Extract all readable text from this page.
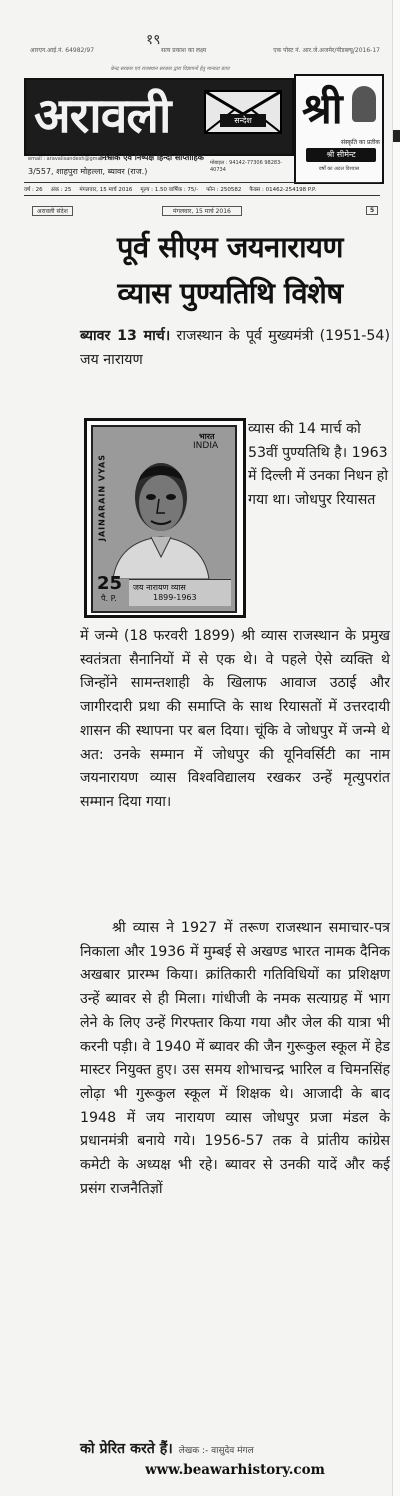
१९
आरएन.आई.नं. 64982/97	सत्य प्रकाश का लक्ष्य	एक पोस्ट नं. आर.जे.अजमेर/पीडब्ल्यू/2016-17
केन्द्र सरकार एवं राजस्थान सरकार द्वारा विज्ञापनों हेतु मान्यता प्राप्त
अरावली	सन्देश
email : aravalisandesh@gmail.com
निर्भीक एवं निष्पक्ष हिन्दी साप्ताहिक
3/557, शाहपुरा मोहल्ला, ब्यावर (राज.)
मोबाइल : 94142-77306 98283-40734
श्री
संस्कृति का प्रतीक
श्री सीमेन्ट
वर्षों का अटल विश्वास
वर्ष : 26 अंक : 25 मंगलवार, 15 मार्च 2016 मूल्य : 1.50 वार्षिक : 75/- फोन : 250582 फैक्स : 01462-254198 P.P.
अरावली संदेश	मंगलवार, 15 मार्च 2016	5
पूर्व सीएम जयनारायण
व्यास पुण्यतिथि विशेष
ब्यावर 13 मार्च। राजस्थान के पूर्व मुख्यमंत्री (1951-54) जय नारायण
JAINARAIN VYAS
भारत
INDIA
25
पै. P.
जय नारायण व्यास
1899-1963
व्यास की 14 मार्च को 53वीं पुण्यतिथि है। 1963 में दिल्ली में उनका निधन हो गया था। जोधपुर रियासत
में जन्मे (18 फरवरी 1899) श्री व्यास राजस्थान के प्रमुख स्वतंत्रता सैनानियों में से एक थे। वे पहले ऐसे व्यक्ति थे जिन्होंने सामन्तशाही के खिलाफ आवाज उठाई और जागीरदारी प्रथा की समाप्ति के साथ रियासतों में उत्तरदायी शासन की स्थापना पर बल दिया। चूंकि वे जोधपुर में जन्मे थे अत: उनके सम्मान में जोधपुर की यूनिवर्सिटी का नाम जयनारायण व्यास विश्वविद्यालय रखकर उन्हें मृत्युपरांत सम्मान दिया गया।
श्री व्यास ने 1927 में तरूण राजस्थान समाचार-पत्र निकाला और 1936 में मुम्बई से अखण्ड भारत नामक दैनिक अखबार प्रारम्भ किया। क्रांतिकारी गतिविधियों का प्रशिक्षण उन्हें ब्यावर से ही मिला। गांधीजी के नमक सत्याग्रह में भाग लेने के लिए उन्हें गिरफ्तार किया गया और जेल की यात्रा भी करनी पड़ी। वे 1940 में ब्यावर की जैन गुरूकुल स्कूल में हेड मास्टर नियुक्त हुए। उस समय शोभाचन्द्र भारिल व चिमनसिंह लोढ़ा भी गुरूकुल स्कूल में शिक्षक थे। आजादी के बाद 1948 में जय नारायण व्यास जोधपुर प्रजा मंडल के प्रधानमंत्री बनाये गये। 1956-57 तक वे प्रांतीय कांग्रेस कमेटी के अध्यक्ष भी रहे। ब्यावर से उनकी यादें और कई प्रसंग राजनैतिज्ञों
को प्रेरित करते हैं। लेखक :- वासुदेव मंगल
www.beawarhistory.com
